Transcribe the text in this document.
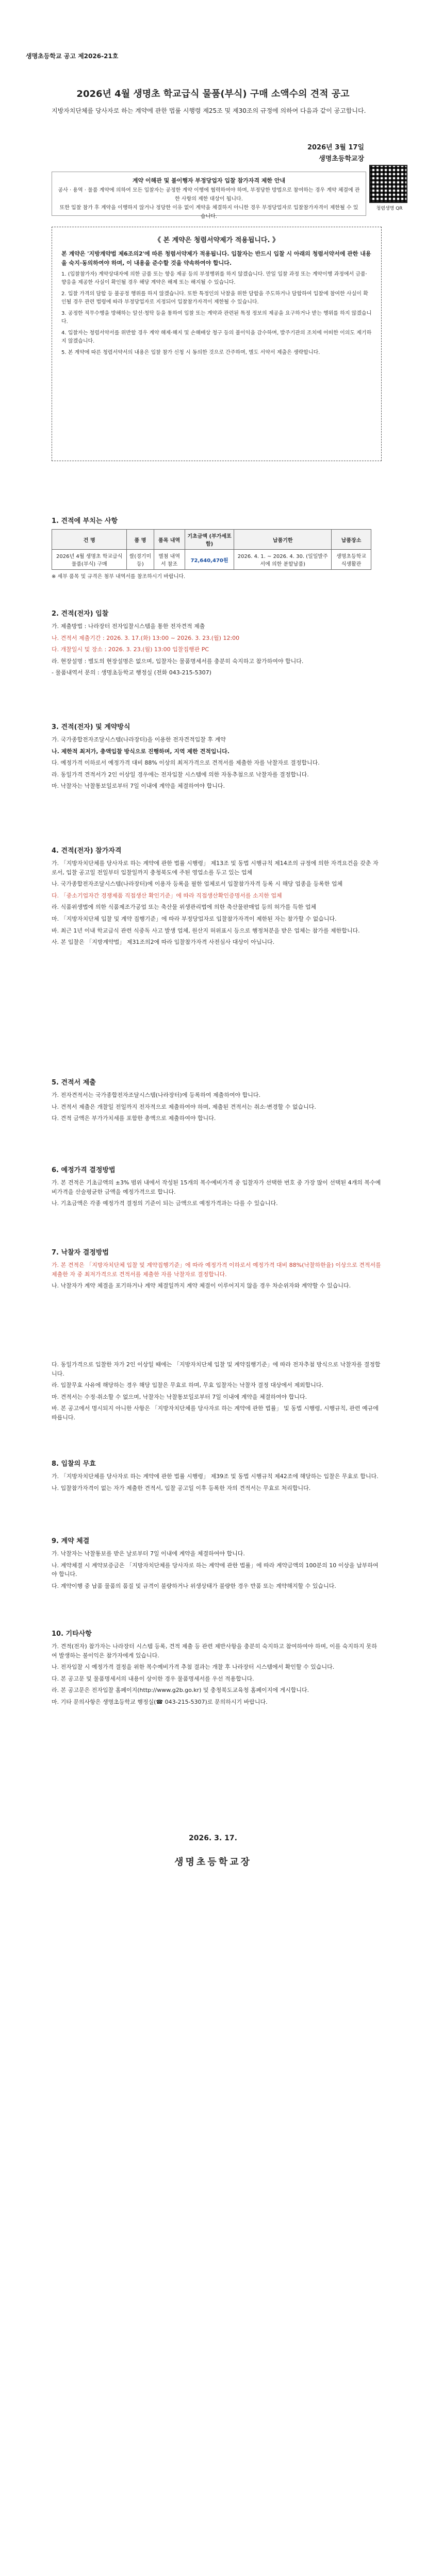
생명초등학교 공고 제2026-21호
2026년 4월 생명초 학교급식 물품(부식) 구매 소액수의 견적 공고
지방자치단체를 당사자로 하는 계약에 관한 법률 시행령 제25조 및 제30조의 규정에 의하여 다음과 같이 공고합니다.
2026년 3월 17일
생명초등학교장
계약 이해관 및 불이행자 부정당업자 입찰 참가자격 제한 안내
공사 · 용역 · 물품 계약에 의하여 모든 입찰자는 공정한 계약 이행에 협력하여야 하며, 부정당한 방법으로 참여하는 경우 계약 체결에 관한 사항의 제한 대상이 됩니다.
또한 입찰 참가 후 계약을 이행하지 않거나 정당한 이유 없이 계약을 체결하지 아니한 경우 부정당업자로 입찰참가자격이 제한될 수 있습니다.
청렴생명 QR
《 본 계약은 청렴서약제가 적용됩니다. 》

본 계약은 '지방계약법 제6조의2'에 따른 청렴서약제가 적용됩니다. 입찰자는 반드시 입찰 시 아래의 청렴서약서에 관한 내용을 숙지·동의하여야 하며, 이 내용을 준수할 것을 약속하여야 합니다.

1. (입찰참가자) 계약상대자에 의한 금품 또는 향응 제공 등의 부정행위를 하지 않겠습니다. 만일 입찰 과정 또는 계약이행 과정에서 금품·향응을 제공한 사실이 확인될 경우 해당 계약은 해제 또는 해지될 수 있습니다.

2. 입찰 가격의 담합 등 불공정 행위를 하지 않겠습니다. 또한 특정인의 낙찰을 위한 담합을 주도하거나 담합하여 입찰에 참여한 사실이 확인될 경우 관련 법령에 따라 부정당업자로 지정되어 입찰참가자격이 제한될 수 있습니다.

3. 공정한 직무수행을 방해하는 알선·청탁 등을 통하여 입찰 또는 계약과 관련된 특정 정보의 제공을 요구하거나 받는 행위를 하지 않겠습니다.

4. 입찰자는 청렴서약서를 위반할 경우 계약 해제·해지 및 손해배상 청구 등의 불이익을 감수하며, 발주기관의 조치에 어떠한 이의도 제기하지 않겠습니다.

5. 본 계약에 따른 청렴서약서의 내용은 입찰 참가 신청 시 동의한 것으로 간주하며, 별도 서약서 제출은 생략합니다.

1. 견적에 부치는 사항
건 명	품 명	품목 내역	기초금액 (부가세포함)	납품기한	납품장소
2026년 4월 생명초 학교급식물품(부식) 구매	쌀(경기미 등)	별첨 내역서 참조	72,640,470원	2026. 4. 1. ~ 2026. 4. 30. (일일발주서에 의한 분할납품)	생명초등학교 식생활관

※ 세부 품목 및 규격은 첨부 내역서를 참조하시기 바랍니다.

2. 견적(전자) 입찰

가. 제출방법 : 나라장터 전자입찰시스템을 통한 전자견적 제출

나. 견적서 제출기간 : 2026. 3. 17.(화) 13:00 ~ 2026. 3. 23.(월) 12:00

다. 개찰일시 및 장소 : 2026. 3. 23.(월) 13:00 입찰집행관 PC

라. 현장설명 : 별도의 현장설명은 없으며, 입찰자는 물품명세서를 충분히 숙지하고 참가하여야 합니다.

- 물품내역서 문의 : 생명초등학교 행정실 (전화 043-215-5307)

3. 견적(전자) 및 계약방식

가. 국가종합전자조달시스템(나라장터)을 이용한 전자견적입찰 후 계약

나. 제한적 최저가, 총액입찰 방식으로 진행하며, 지역 제한 견적입니다.

다. 예정가격 이하로서 예정가격 대비 88% 이상의 최저가격으로 견적서를 제출한 자를 낙찰자로 결정합니다.

라. 동일가격 견적서가 2인 이상일 경우에는 전자입찰 시스템에 의한 자동추첨으로 낙찰자를 결정합니다.

마. 낙찰자는 낙찰통보일로부터 7일 이내에 계약을 체결하여야 합니다.

4. 견적(전자) 참가자격

가. 「지방자치단체를 당사자로 하는 계약에 관한 법률 시행령」 제13조 및 동법 시행규칙 제14조의 규정에 의한 자격요건을 갖춘 자로서, 입찰 공고일 전일부터 입찰일까지 충청북도에 주된 영업소를 두고 있는 업체

나. 국가종합전자조달시스템(나라장터)에 이용자 등록을 필한 업체로서 입찰참가자격 등록 시 해당 업종을 등록한 업체

다. 「중소기업자간 경쟁제품 직접생산 확인기준」에 따라 직접생산확인증명서를 소지한 업체

라. 식품위생법에 의한 식품제조가공업 또는 축산물 위생관리법에 의한 축산물판매업 등의 허가를 득한 업체

마. 「지방자치단체 입찰 및 계약 집행기준」에 따라 부정당업자로 입찰참가자격이 제한된 자는 참가할 수 없습니다.

바. 최근 1년 이내 학교급식 관련 식중독 사고 발생 업체, 원산지 허위표시 등으로 행정처분을 받은 업체는 참가를 제한합니다.

사. 본 입찰은 「지방계약법」 제31조의2에 따라 입찰참가자격 사전심사 대상이 아닙니다.

5. 견적서 제출

가. 전자견적서는 국가종합전자조달시스템(나라장터)에 등록하여 제출하여야 합니다.

나. 견적서 제출은 개찰일 전일까지 전자적으로 제출하여야 하며, 제출된 견적서는 취소·변경할 수 없습니다.

다. 견적 금액은 부가가치세를 포함한 총액으로 제출하여야 합니다.

6. 예정가격 결정방법

가. 본 견적은 기초금액의 ±3% 범위 내에서 작성된 15개의 복수예비가격 중 입찰자가 선택한 번호 중 가장 많이 선택된 4개의 복수예비가격을 산술평균한 금액을 예정가격으로 합니다.

나. 기초금액은 각종 예정가격 결정의 기준이 되는 금액으로 예정가격과는 다를 수 있습니다.

7. 낙찰자 결정방법

가. 본 견적은 「지방자치단체 입찰 및 계약집행기준」에 따라 예정가격 이하로서 예정가격 대비 88%(낙찰하한율) 이상으로 견적서를 제출한 자 중 최저가격으로 견적서를 제출한 자를 낙찰자로 결정합니다.

나. 낙찰자가 계약 체결을 포기하거나 계약 체결일까지 계약 체결이 이루어지지 않을 경우 차순위자와 계약할 수 있습니다.

다. 동일가격으로 입찰한 자가 2인 이상일 때에는 「지방자치단체 입찰 및 계약집행기준」에 따라 전자추첨 방식으로 낙찰자를 결정합니다.

라. 입찰무효 사유에 해당하는 경우 해당 입찰은 무효로 하며, 무효 입찰자는 낙찰자 결정 대상에서 제외합니다.

마. 견적서는 수정·취소할 수 없으며, 낙찰자는 낙찰통보일로부터 7일 이내에 계약을 체결하여야 합니다.

바. 본 공고에서 명시되지 아니한 사항은 「지방자치단체를 당사자로 하는 계약에 관한 법률」 및 동법 시행령, 시행규칙, 관련 예규에 따릅니다.

8. 입찰의 무효

가. 「지방자치단체를 당사자로 하는 계약에 관한 법률 시행령」 제39조 및 동법 시행규칙 제42조에 해당하는 입찰은 무효로 합니다.

나. 입찰참가자격이 없는 자가 제출한 견적서, 입찰 공고일 이후 등록한 자의 견적서는 무효로 처리합니다.

9. 계약 체결

가. 낙찰자는 낙찰통보를 받은 날로부터 7일 이내에 계약을 체결하여야 합니다.

나. 계약체결 시 계약보증금은 「지방자치단체를 당사자로 하는 계약에 관한 법률」에 따라 계약금액의 100분의 10 이상을 납부하여야 합니다.

다. 계약이행 중 납품 물품의 품질 및 규격이 불량하거나 위생상태가 불량한 경우 반품 또는 계약해지할 수 있습니다.

10. 기타사항

가. 견적(전자) 참가자는 나라장터 시스템 등록, 견적 제출 등 관련 제반사항을 충분히 숙지하고 참여하여야 하며, 이를 숙지하지 못하여 발생하는 불이익은 참가자에게 있습니다.

나. 전자입찰 시 예정가격 결정을 위한 복수예비가격 추첨 결과는 개찰 후 나라장터 시스템에서 확인할 수 있습니다.

다. 본 공고문 및 물품명세서의 내용이 상이한 경우 물품명세서를 우선 적용합니다.

라. 본 공고문은 전자입찰 홈페이지(http://www.g2b.go.kr) 및 충청북도교육청 홈페이지에 게시합니다.

마. 기타 문의사항은 생명초등학교 행정실(☎ 043-215-5307)로 문의하시기 바랍니다.

2026. 3. 17.
생명초등학교장
